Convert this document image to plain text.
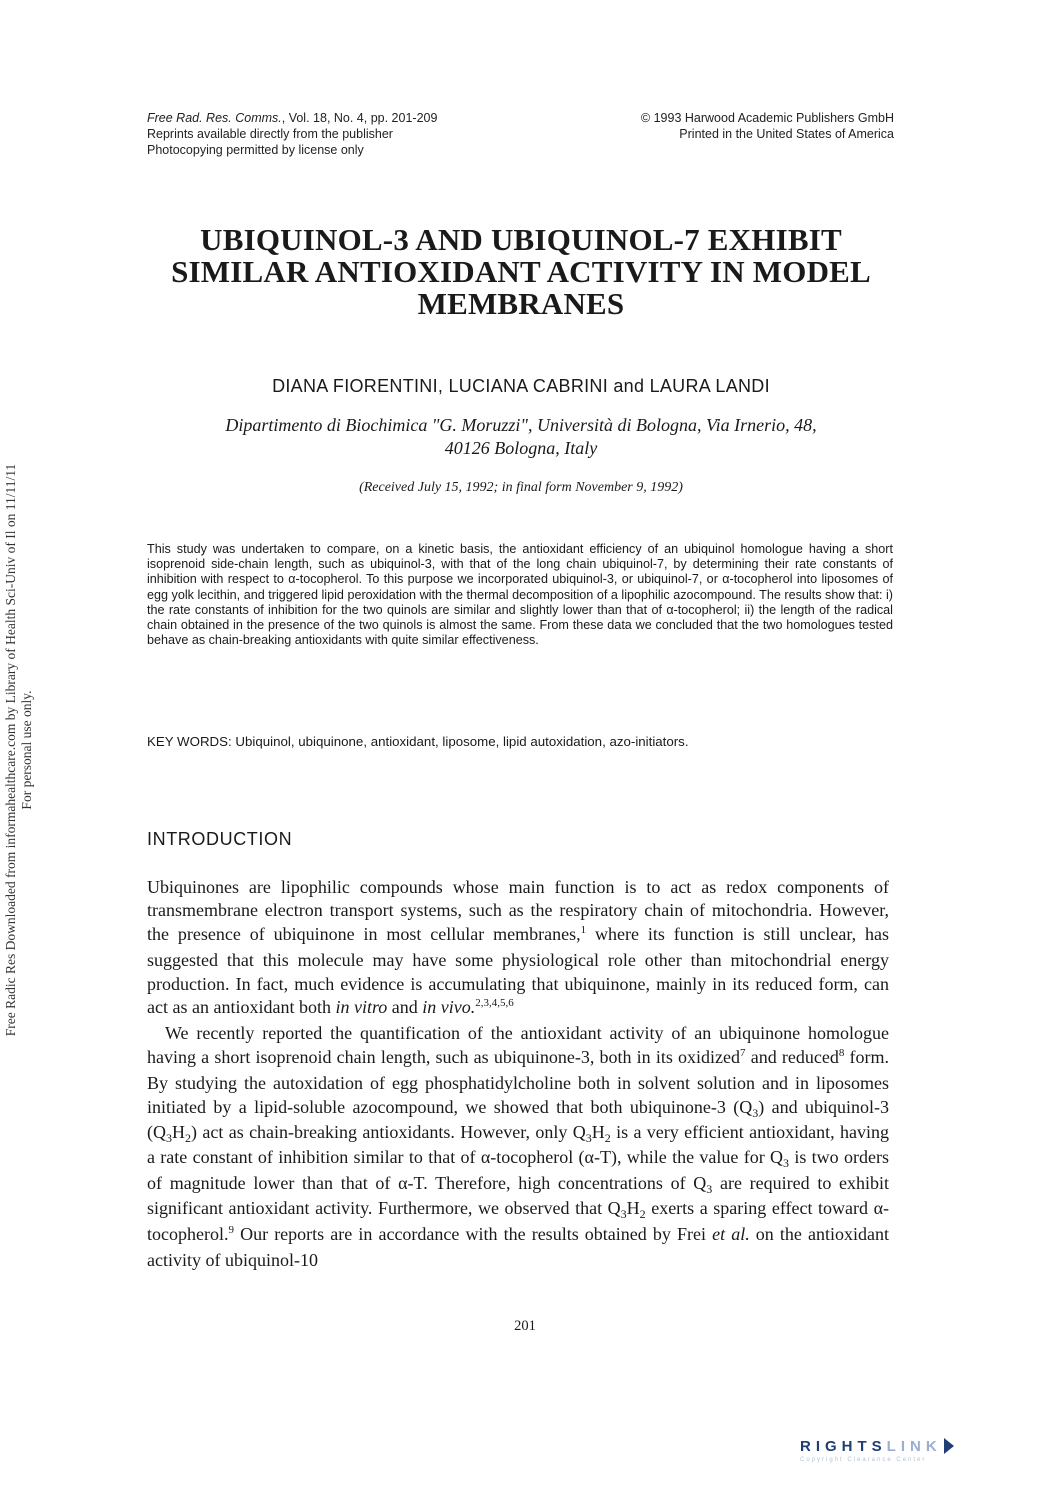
Free Rad. Res. Comms., Vol. 18, No. 4, pp. 201-209
Reprints available directly from the publisher
Photocopying permitted by license only
© 1993 Harwood Academic Publishers GmbH
Printed in the United States of America
UBIQUINOL-3 AND UBIQUINOL-7 EXHIBIT
SIMILAR ANTIOXIDANT ACTIVITY IN MODEL
MEMBRANES
DIANA FIORENTINI, LUCIANA CABRINI and LAURA LANDI
Dipartimento di Biochimica "G. Moruzzi", Università di Bologna, Via Irnerio, 48,
40126 Bologna, Italy
(Received July 15, 1992; in final form November 9, 1992)
This study was undertaken to compare, on a kinetic basis, the antioxidant efficiency of an ubiquinol homologue having a short isoprenoid side-chain length, such as ubiquinol-3, with that of the long chain ubiquinol-7, by determining their rate constants of inhibition with respect to α-tocopherol. To this purpose we incorporated ubiquinol-3, or ubiquinol-7, or α-tocopherol into liposomes of egg yolk lecithin, and triggered lipid peroxidation with the thermal decomposition of a lipophilic azocompound. The results show that: i) the rate constants of inhibition for the two quinols are similar and slightly lower than that of α-tocopherol; ii) the length of the radical chain obtained in the presence of the two quinols is almost the same. From these data we concluded that the two homologues tested behave as chain-breaking antioxidants with quite similar effectiveness.
KEY WORDS: Ubiquinol, ubiquinone, antioxidant, liposome, lipid autoxidation, azo-initiators.
INTRODUCTION

Ubiquinones are lipophilic compounds whose main function is to act as redox components of transmembrane electron transport systems, such as the respiratory chain of mitochondria. However, the presence of ubiquinone in most cellular membranes,$^1$ where its function is still unclear, has suggested that this molecule may have some physiological role other than mitochondrial energy production. In fact, much evidence is accumulating that ubiquinone, mainly in its reduced form, can act as an antioxidant both in vitro and in vivo.$^{2,3,4,5,6}$

We recently reported the quantification of the antioxidant activity of an ubiquinone homologue having a short isoprenoid chain length, such as ubiquinone-3, both in its oxidized$^7$ and reduced$^8$ form. By studying the autoxidation of egg phosphatidylcholine both in solvent solution and in liposomes initiated by a lipid-soluble azocompound, we showed that both ubiquinone-3 $(Q_3)$ and ubiquinol-3 $(Q_3H_2)$ act as chain-breaking antioxidants. However, only $Q_3H_2$ is a very efficient antioxidant, having a rate constant of inhibition similar to that of α-tocopherol (α-T), while the value for $Q_3$ is two orders of magnitude lower than that of α-T. Therefore, high concentrations of $Q_3$ are required to exhibit significant antioxidant activity. Furthermore, we observed that $Q_3H_2$ exerts a sparing effect toward α-tocopherol.$^9$ Our reports are in accordance with the results obtained by Frei et al. on the antioxidant activity of ubiquinol-10

201
Free Radic Res Downloaded from informahealthcare.com by Library of Health Sci-Univ of Il on 11/11/11 For personal use only.
RIGHTSLINK
Copyright Clearance Center
